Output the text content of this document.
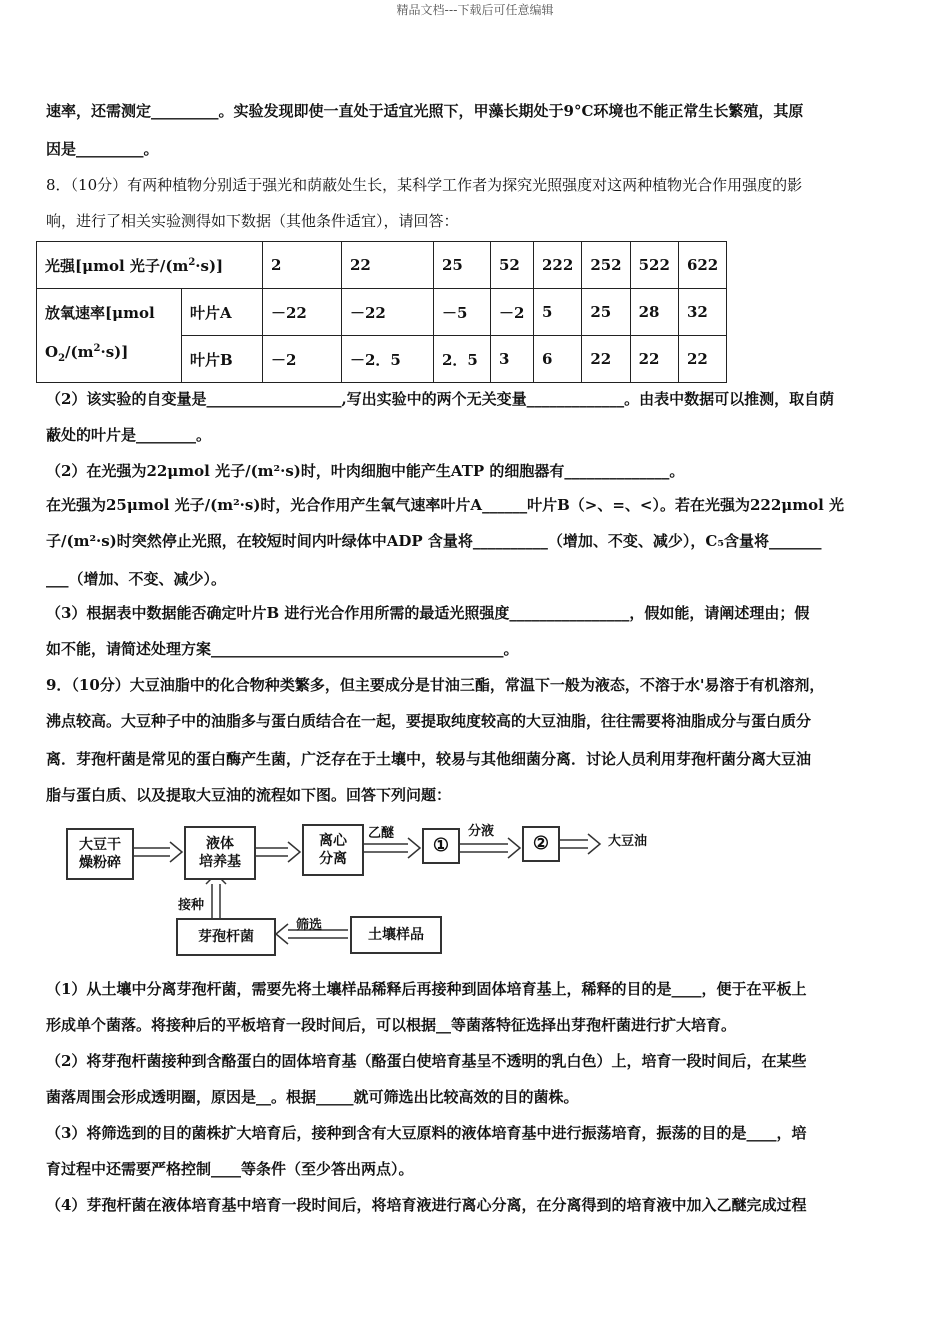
精品文档---下载后可任意编辑
速率，还需测定_________。实验发现即使一直处于适宜光照下，甲藻长期处于9°C环境也不能正常生长繁殖，其原
因是_________。
8．（10分）有两种植物分别适于强光和荫蔽处生长，某科学工作者为探究光照强度对这两种植物光合作用强度的影
响，进行了相关实验测得如下数据（其他条件适宜），请回答：
光强[μmol 光子$/(m^2\cdot s)$]		2	22	25	52	222	252	522	622
放氧速率[μmol
$O_2/(m^2\cdot s)$]	叶片A	－22	－22	－5	－2	5	25	28	32
	叶片B	－2	－2．5	2．5	3	6	22	22	22
（2）该实验的自变量是__________________,写出实验中的两个无关变量_____________。由表中数据可以推测，取自荫
蔽处的叶片是________。
（2）在光强为22μmol 光子/(m²·s)时，叶肉细胞中能产生ATP 的细胞器有______________。
在光强为25μmol 光子/(m²·s)时，光合作用产生氧气速率叶片A______叶片B（>、=、<）。若在光强为222μmol 光
子/(m²·s)时突然停止光照，在较短时间内叶绿体中ADP 含量将__________（增加、不变、减少），C₅含量将_______
___（增加、不变、减少）。
（3）根据表中数据能否确定叶片B 进行光合作用所需的最适光照强度________________，假如能，请阐述理由；假
如不能，请简述处理方案_______________________________________。
9．（10分）大豆油脂中的化合物种类繁多，但主要成分是甘油三酯，常温下一般为液态，不溶于水'易溶于有机溶剂，
沸点较高。大豆种子中的油脂多与蛋白质结合在一起，要提取纯度较高的大豆油脂，往往需要将油脂成分与蛋白质分
离．芽孢杆菌是常见的蛋白酶产生菌，广泛存在于土壤中，较易与其他细菌分离．讨论人员利用芽孢杆菌分离大豆油
脂与蛋白质、以及提取大豆油的流程如下图。回答下列问题：
大豆干
燥粉碎
液体
培养基
离心
分离
①	②
芽孢杆菌	土壤样品
乙醚	分液
大豆油
接种
筛选
（1）从土壤中分离芽孢杆菌，需要先将土壤样品稀释后再接种到固体培育基上，稀释的目的是____，便于在平板上
形成单个菌落。将接种后的平板培育一段时间后，可以根据__等菌落特征选择出芽孢杆菌进行扩大培育。
（2）将芽孢杆菌接种到含酪蛋白的固体培育基（酪蛋白使培育基呈不透明的乳白色）上，培育一段时间后，在某些
菌落周围会形成透明圈，原因是__。根据_____就可筛选出比较高效的目的菌株。
（3）将筛选到的目的菌株扩大培育后，接种到含有大豆原料的液体培育基中进行振荡培育，振荡的目的是____，培
育过程中还需要严格控制____等条件（至少答出两点）。
（4）芽孢杆菌在液体培育基中培育一段时间后，将培育液进行离心分离，在分离得到的培育液中加入乙醚完成过程
